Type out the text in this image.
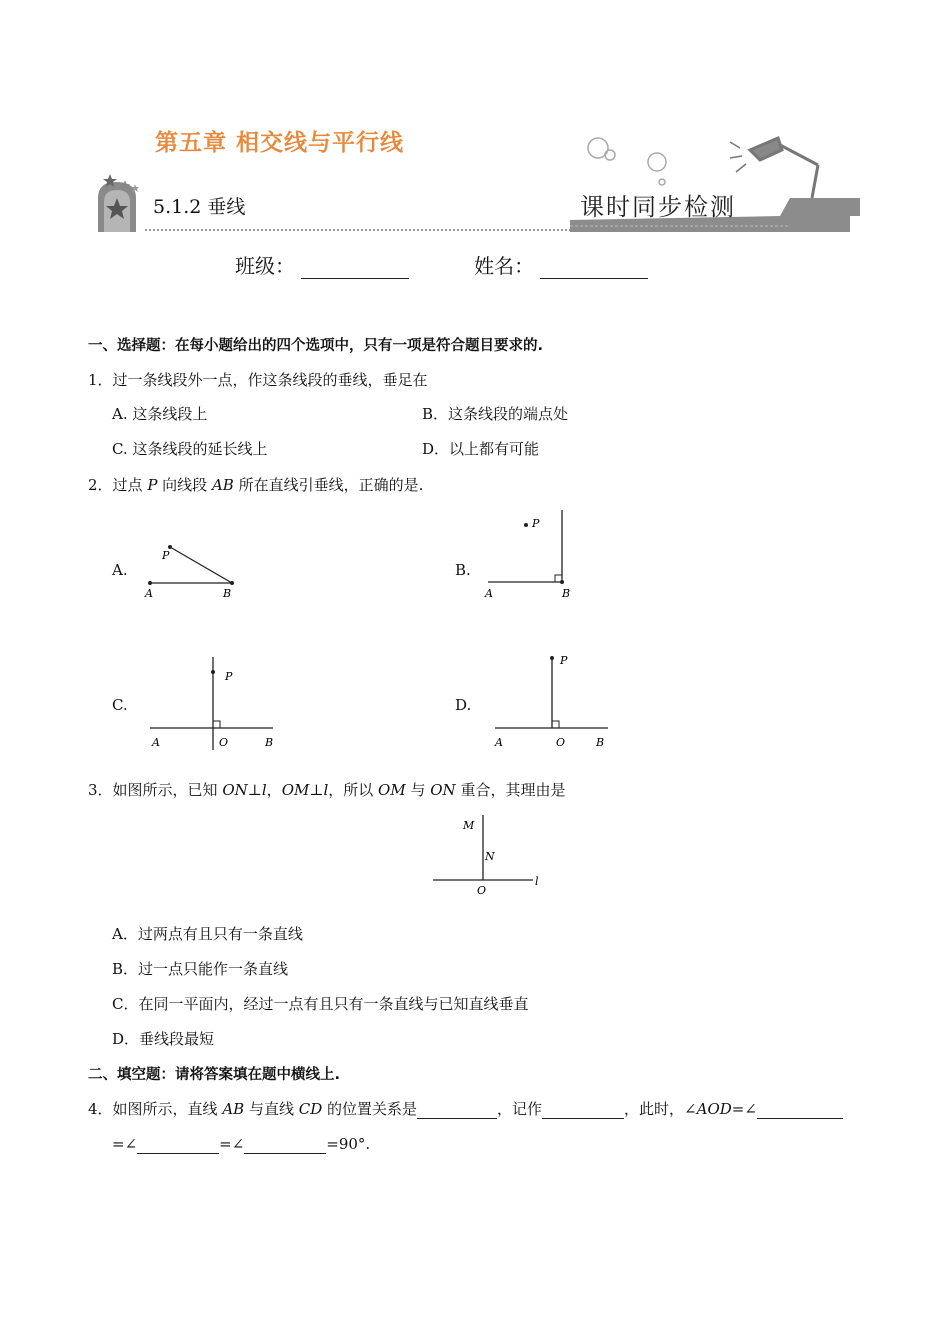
第五章 相交线与平行线
5.1.2 垂线	课时同步检测
班级：	姓名：
一、选择题：在每小题给出的四个选项中，只有一项是符合题目要求的.
1．过一条线段外一点，作这条线段的垂线，垂足在
A. 这条线段上	B．这条线段的端点处
C. 这条线段的延长线上	D．以上都有可能
2．过点 P 向线段 AB 所在直线引垂线，正确的是.
A.	B.
C.	D.
P
A	B
P
A	B
P
A	O	B
P
A	O	B
3．如图所示，已知 ON⊥l，OM⊥l，所以 OM 与 ON 重合，其理由是
M
N
O
l
A．过两点有且只有一条直线
B．过一点只能作一条直线
C．在同一平面内，经过一点有且只有一条直线与已知直线垂直
D．垂线段最短
二、填空题：请将答案填在题中横线上.
4．如图所示，直线 AB 与直线 CD 的位置关系是	，记作	，此时，∠AOD=∠
=∠	=∠	=90°.
